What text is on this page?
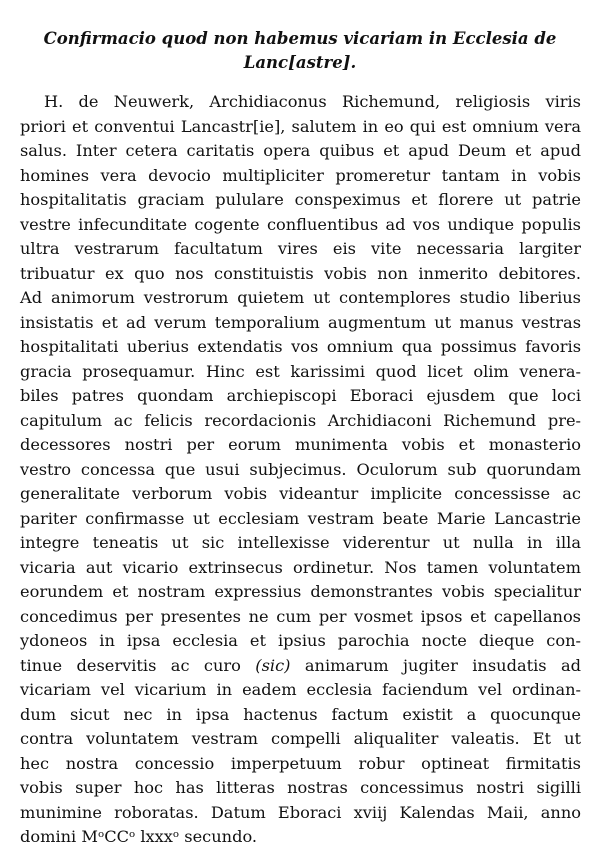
Confirmacio quod non habemus vicariam in Ecclesia de
Lanc[astre].
H. de Neuwerk, Archidiaconus Richemund, religiosis viris
priori et conventui Lancastr[ie], salutem in eo qui est omnium vera
salus. Inter cetera caritatis opera quibus et apud Deum et apud
homines vera devocio multipliciter promeretur tantam in vobis
hospitalitatis graciam pululare conspeximus et florere ut patrie
vestre infecunditate cogente confluentibus ad vos undique populis
ultra vestrarum facultatum vires eis vite necessaria largiter
tribuatur ex quo nos constituistis vobis non inmerito debitores.
Ad animorum vestrorum quietem ut contemplores studio liberius
insistatis et ad verum temporalium augmentum ut manus vestras
hospitalitati uberius extendatis vos omnium qua possimus favoris
gracia prosequamur. Hinc est karissimi quod licet olim venera-
biles patres quondam archiepiscopi Eboraci ejusdem que loci
capitulum ac felicis recordacionis Archidiaconi Richemund pre-
decessores nostri per eorum munimenta vobis et monasterio
vestro concessa que usui subjecimus. Oculorum sub quorundam
generalitate verborum vobis videantur implicite concessisse ac
pariter confirmasse ut ecclesiam vestram beate Marie Lancastrie
integre teneatis ut sic intellexisse viderentur ut nulla in illa
vicaria aut vicario extrinsecus ordinetur. Nos tamen voluntatem
eorundem et nostram expressius demonstrantes vobis specialitur
concedimus per presentes ne cum per vosmet ipsos et capellanos
ydoneos in ipsa ecclesia et ipsius parochia nocte dieque con-
tinue deservitis ac curo (sic) animarum jugiter insudatis ad
vicariam vel vicarium in eadem ecclesia faciendum vel ordinan-
dum sicut nec in ipsa hactenus factum existit a quocunque
contra voluntatem vestram compelli aliqualiter valeatis. Et ut
hec nostra concessio imperpetuum robur optineat firmitatis
vobis super hoc has litteras nostras concessimus nostri sigilli
munimine roboratas. Datum Eboraci xviij Kalendas Maii, anno
domini MᵒCCᵒ lxxxᵒ secundo.
